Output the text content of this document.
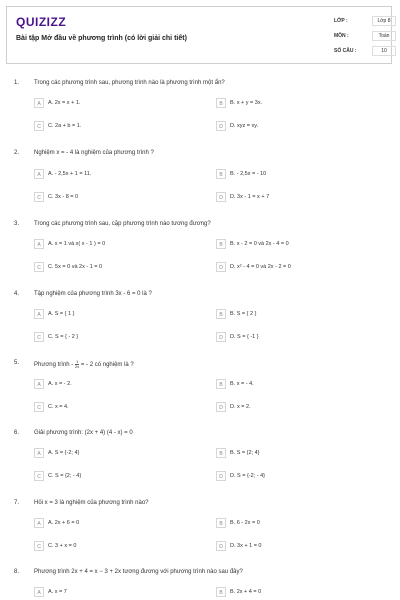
QUIZIZZ
Bài tập Mở đầu về phương trình (có lời giải chi tiết)
LỚP :	Lớp 8
MÔN :	Toán
SỐ CÂU :	10
1. Trong các phương trình sau, phương trình nào là phương trình một ẩn?
A	A. 2x = x + 1.	B	B. x + y = 3x.
C	C. 2a + b = 1.	D	D. xyz = xy.
2. Nghiệm x = - 4 là nghiệm của phương trình ?
A	A. - 2,5x + 1 = 11.	B	B. - 2,5x = - 10
C	C. 3x - 8 = 0	D	D. 3x - 1 = x + 7
3. Trong các phương trình sau, cặp phương trình nào tương đương?
A	A. x = 1 và x( x - 1 ) = 0	B	B. x - 2 = 0 và 2x - 4 = 0
C	C. 5x = 0 và 2x - 1 = 0	D	D. x² - 4 = 0 và 2x - 2 = 0
4. Tập nghiệm của phương trình 3x - 6 = 0 là ?
A	A. S = { 1 }	B	B. S = { 2 }
C	C. S = { - 2 }	D	D. S = { -1 }
5. Phương trình - $\frac{1}{2x}$ = - 2 có nghiệm là ?
A	A. x = - 2.	B	B. x = - 4.
C	C. x = 4.	D	D. x = 2.
6. Giải phương trình: (2x + 4) (4 - x) = 0
A	A. S = {-2; 4}	B	B. S = {2; 4}
C	C. S = {2; - 4}	D	D. S = {-2; - 4}
7. Hỏi x = 3 là nghiệm của phương trình nào?
A	A. 2x + 6 = 0	B	B. 6 - 2x = 0
C	C. 3 + x = 0	D	D. 3x + 1 = 0
8. Phương trình 2x + 4 = x − 3 + 2x tương đương với phương trình nào sau đây?
A	A. x = 7	B	B. 2x + 4 = 0
